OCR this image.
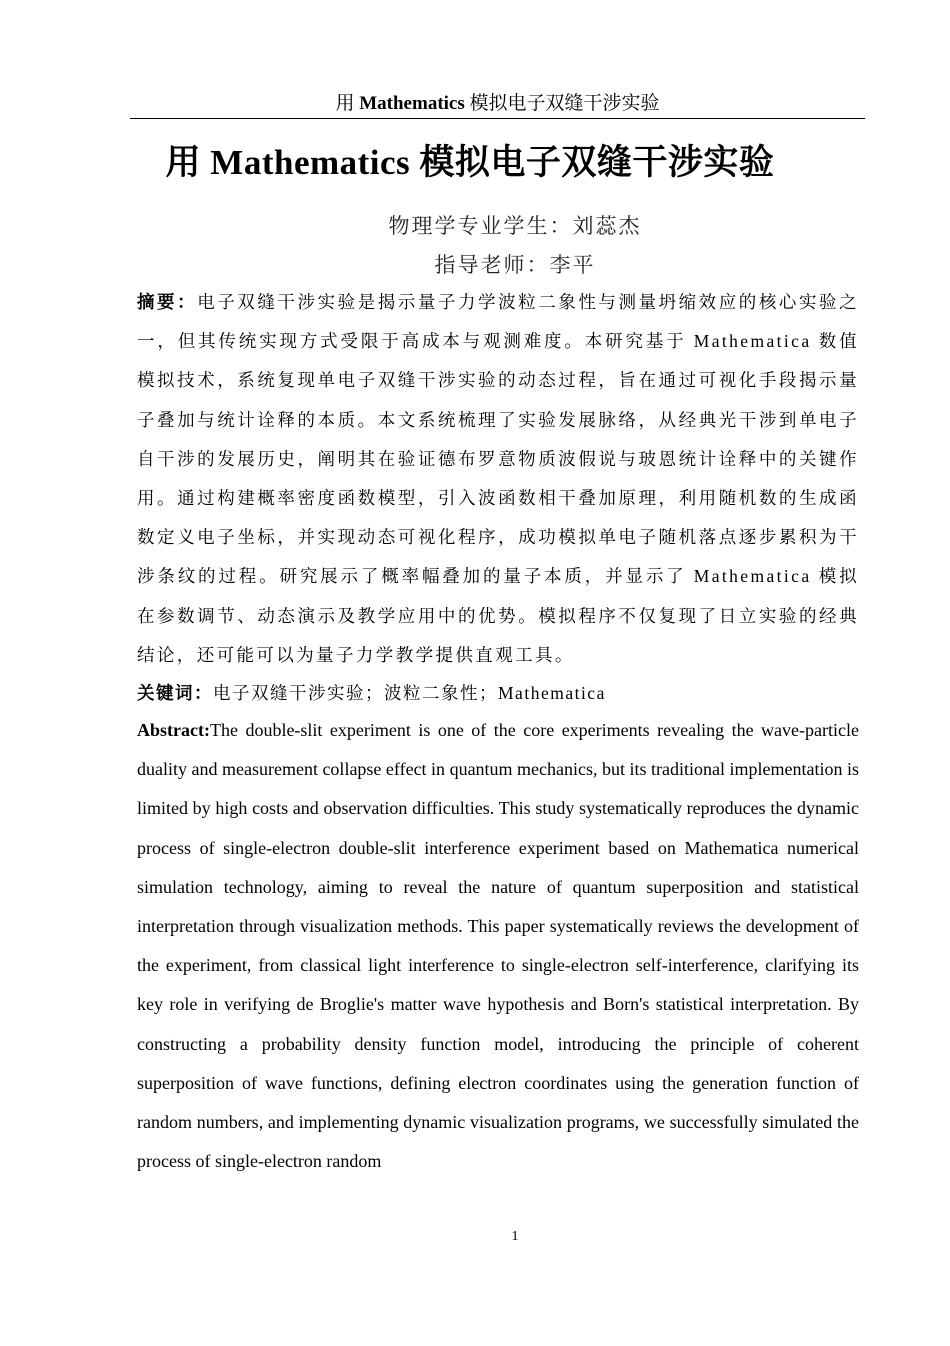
用 Mathematics 模拟电子双缝干涉实验
用 Mathematics 模拟电子双缝干涉实验
物理学专业学生：刘蕊杰
指导老师：李平
摘要：电子双缝干涉实验是揭示量子力学波粒二象性与测量坍缩效应的核心实验之一，但其传统实现方式受限于高成本与观测难度。本研究基于 Mathematica 数值模拟技术，系统复现单电子双缝干涉实验的动态过程，旨在通过可视化手段揭示量子叠加与统计诠释的本质。本文系统梳理了实验发展脉络，从经典光干涉到单电子自干涉的发展历史，阐明其在验证德布罗意物质波假说与玻恩统计诠释中的关键作用。通过构建概率密度函数模型，引入波函数相干叠加原理，利用随机数的生成函数定义电子坐标，并实现动态可视化程序，成功模拟单电子随机落点逐步累积为干涉条纹的过程。研究展示了概率幅叠加的量子本质，并显示了 Mathematica 模拟在参数调节、动态演示及教学应用中的优势。模拟程序不仅复现了日立实验的经典结论，还可能可以为量子力学教学提供直观工具。
关键词：电子双缝干涉实验；波粒二象性；Mathematica
Abstract:The double-slit experiment is one of the core experiments revealing the wave-particle duality and measurement collapse effect in quantum mechanics, but its traditional implementation is limited by high costs and observation difficulties. This study systematically reproduces the dynamic process of single-electron double-slit interference experiment based on Mathematica numerical simulation technology, aiming to reveal the nature of quantum superposition and statistical interpretation through visualization methods. This paper systematically reviews the development of the experiment, from classical light interference to single-electron self-interference, clarifying its key role in verifying de Broglie's matter wave hypothesis and Born's statistical interpretation. By constructing a probability density function model, introducing the principle of coherent superposition of wave functions, defining electron coordinates using the generation function of random numbers, and implementing dynamic visualization programs, we successfully simulated the process of single-electron random
1
